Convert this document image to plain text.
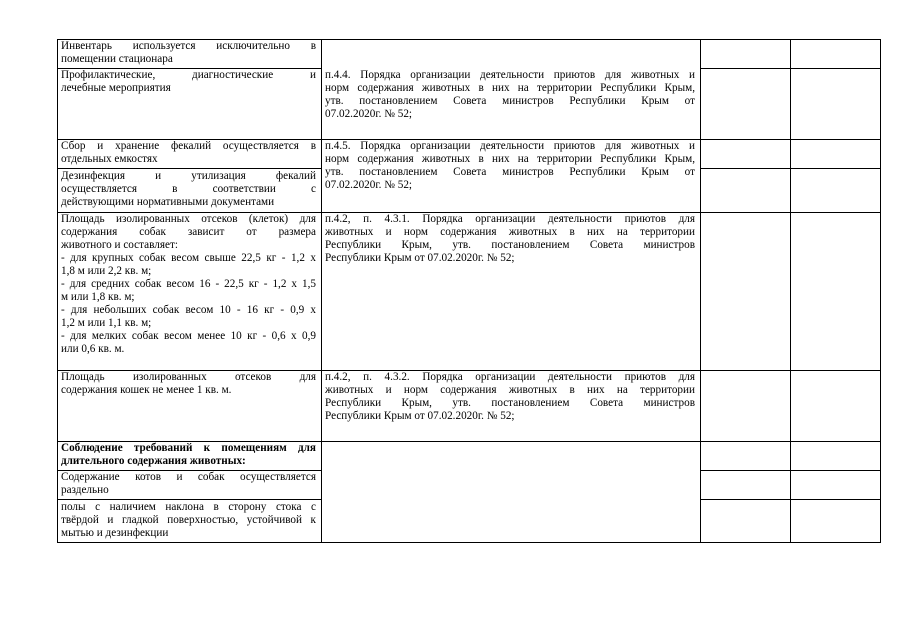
Инвентарь используется исключительно в
помещении стационара
Профилактические, диагностические и
лечебные мероприятия
п.4.4. Порядка организации деятельности приютов для животных и
норм содержания животных в них на территории Республики Крым,
утв. постановлением Совета министров Республики Крым от
07.02.2020г. № 52;
Сбор и хранение фекалий осуществляется в
отдельных емкостях
п.4.5. Порядка организации деятельности приютов для животных и
норм содержания животных в них на территории Республики Крым,
утв. постановлением Совета министров Республики Крым от
07.02.2020г. № 52;
Дезинфекция и утилизация фекалий
осуществляется в соответствии с
действующими нормативными документами
Площадь изолированных отсеков (клеток) для
содержания собак зависит от размера
животного и составляет:
- для крупных собак весом свыше 22,5 кг - 1,2 х
1,8 м или 2,2 кв. м;
- для средних собак весом 16 - 22,5 кг - 1,2 х 1,5
м или 1,8 кв. м;
- для небольших собак весом 10 - 16 кг - 0,9 х
1,2 м или 1,1 кв. м;
- для мелких собак весом менее 10 кг - 0,6 х 0,9
или 0,6 кв. м.
п.4.2, п. 4.3.1. Порядка организации деятельности приютов для
животных и норм содержания животных в них на территории
Республики Крым, утв. постановлением Совета министров
Республики Крым от 07.02.2020г. № 52;
Площадь изолированных отсеков для
содержания кошек не менее 1 кв. м.
п.4.2, п. 4.3.2. Порядка организации деятельности приютов для
животных и норм содержания животных в них на территории
Республики Крым, утв. постановлением Совета министров
Республики Крым от 07.02.2020г. № 52;
Соблюдение требований к помещениям для
длительного содержания животных:
Содержание котов и собак осуществляется
раздельно
полы с наличием наклона в сторону стока с
твёрдой и гладкой поверхностью, устойчивой к
мытью и дезинфекции
